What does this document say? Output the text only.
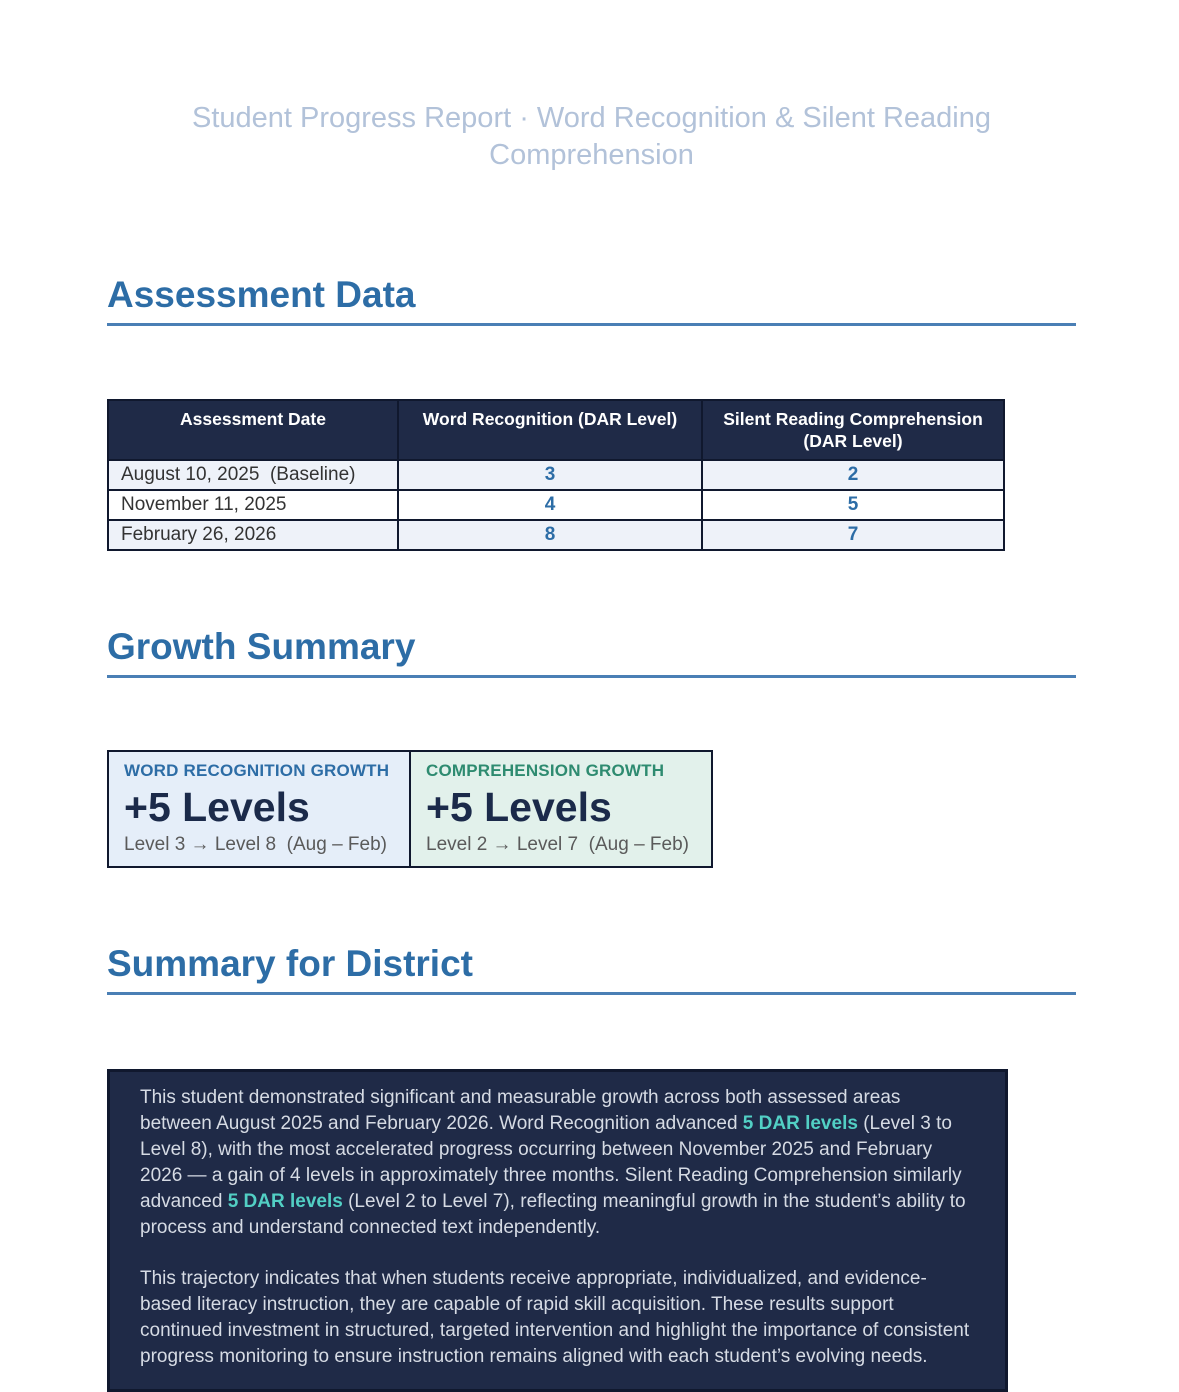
Student Progress Report · Word Recognition & Silent Reading Comprehension
Assessment Data
Assessment Date	Word Recognition (DAR Level)	Silent Reading Comprehension (DAR Level)
August 10, 2025  (Baseline)	3	2
November 11, 2025	4	5
February 26, 2026	8	7
Growth Summary
WORD RECOGNITION GROWTH
+5 Levels
Level 3 → Level 8  (Aug – Feb)
COMPREHENSION GROWTH
+5 Levels
Level 2 → Level 7  (Aug – Feb)
Summary for District

This student demonstrated significant and measurable growth across both assessed areas between August 2025 and February 2026. Word Recognition advanced 5 DAR levels (Level 3 to Level 8), with the most accelerated progress occurring between November 2025 and February 2026 — a gain of 4 levels in approximately three months. Silent Reading Comprehension similarly advanced 5 DAR levels (Level 2 to Level 7), reflecting meaningful growth in the student’s ability to process and understand connected text independently.

This trajectory indicates that when students receive appropriate, individualized, and evidence-based literacy instruction, they are capable of rapid skill acquisition. These results support continued investment in structured, targeted intervention and highlight the importance of consistent progress monitoring to ensure instruction remains aligned with each student’s evolving needs.
